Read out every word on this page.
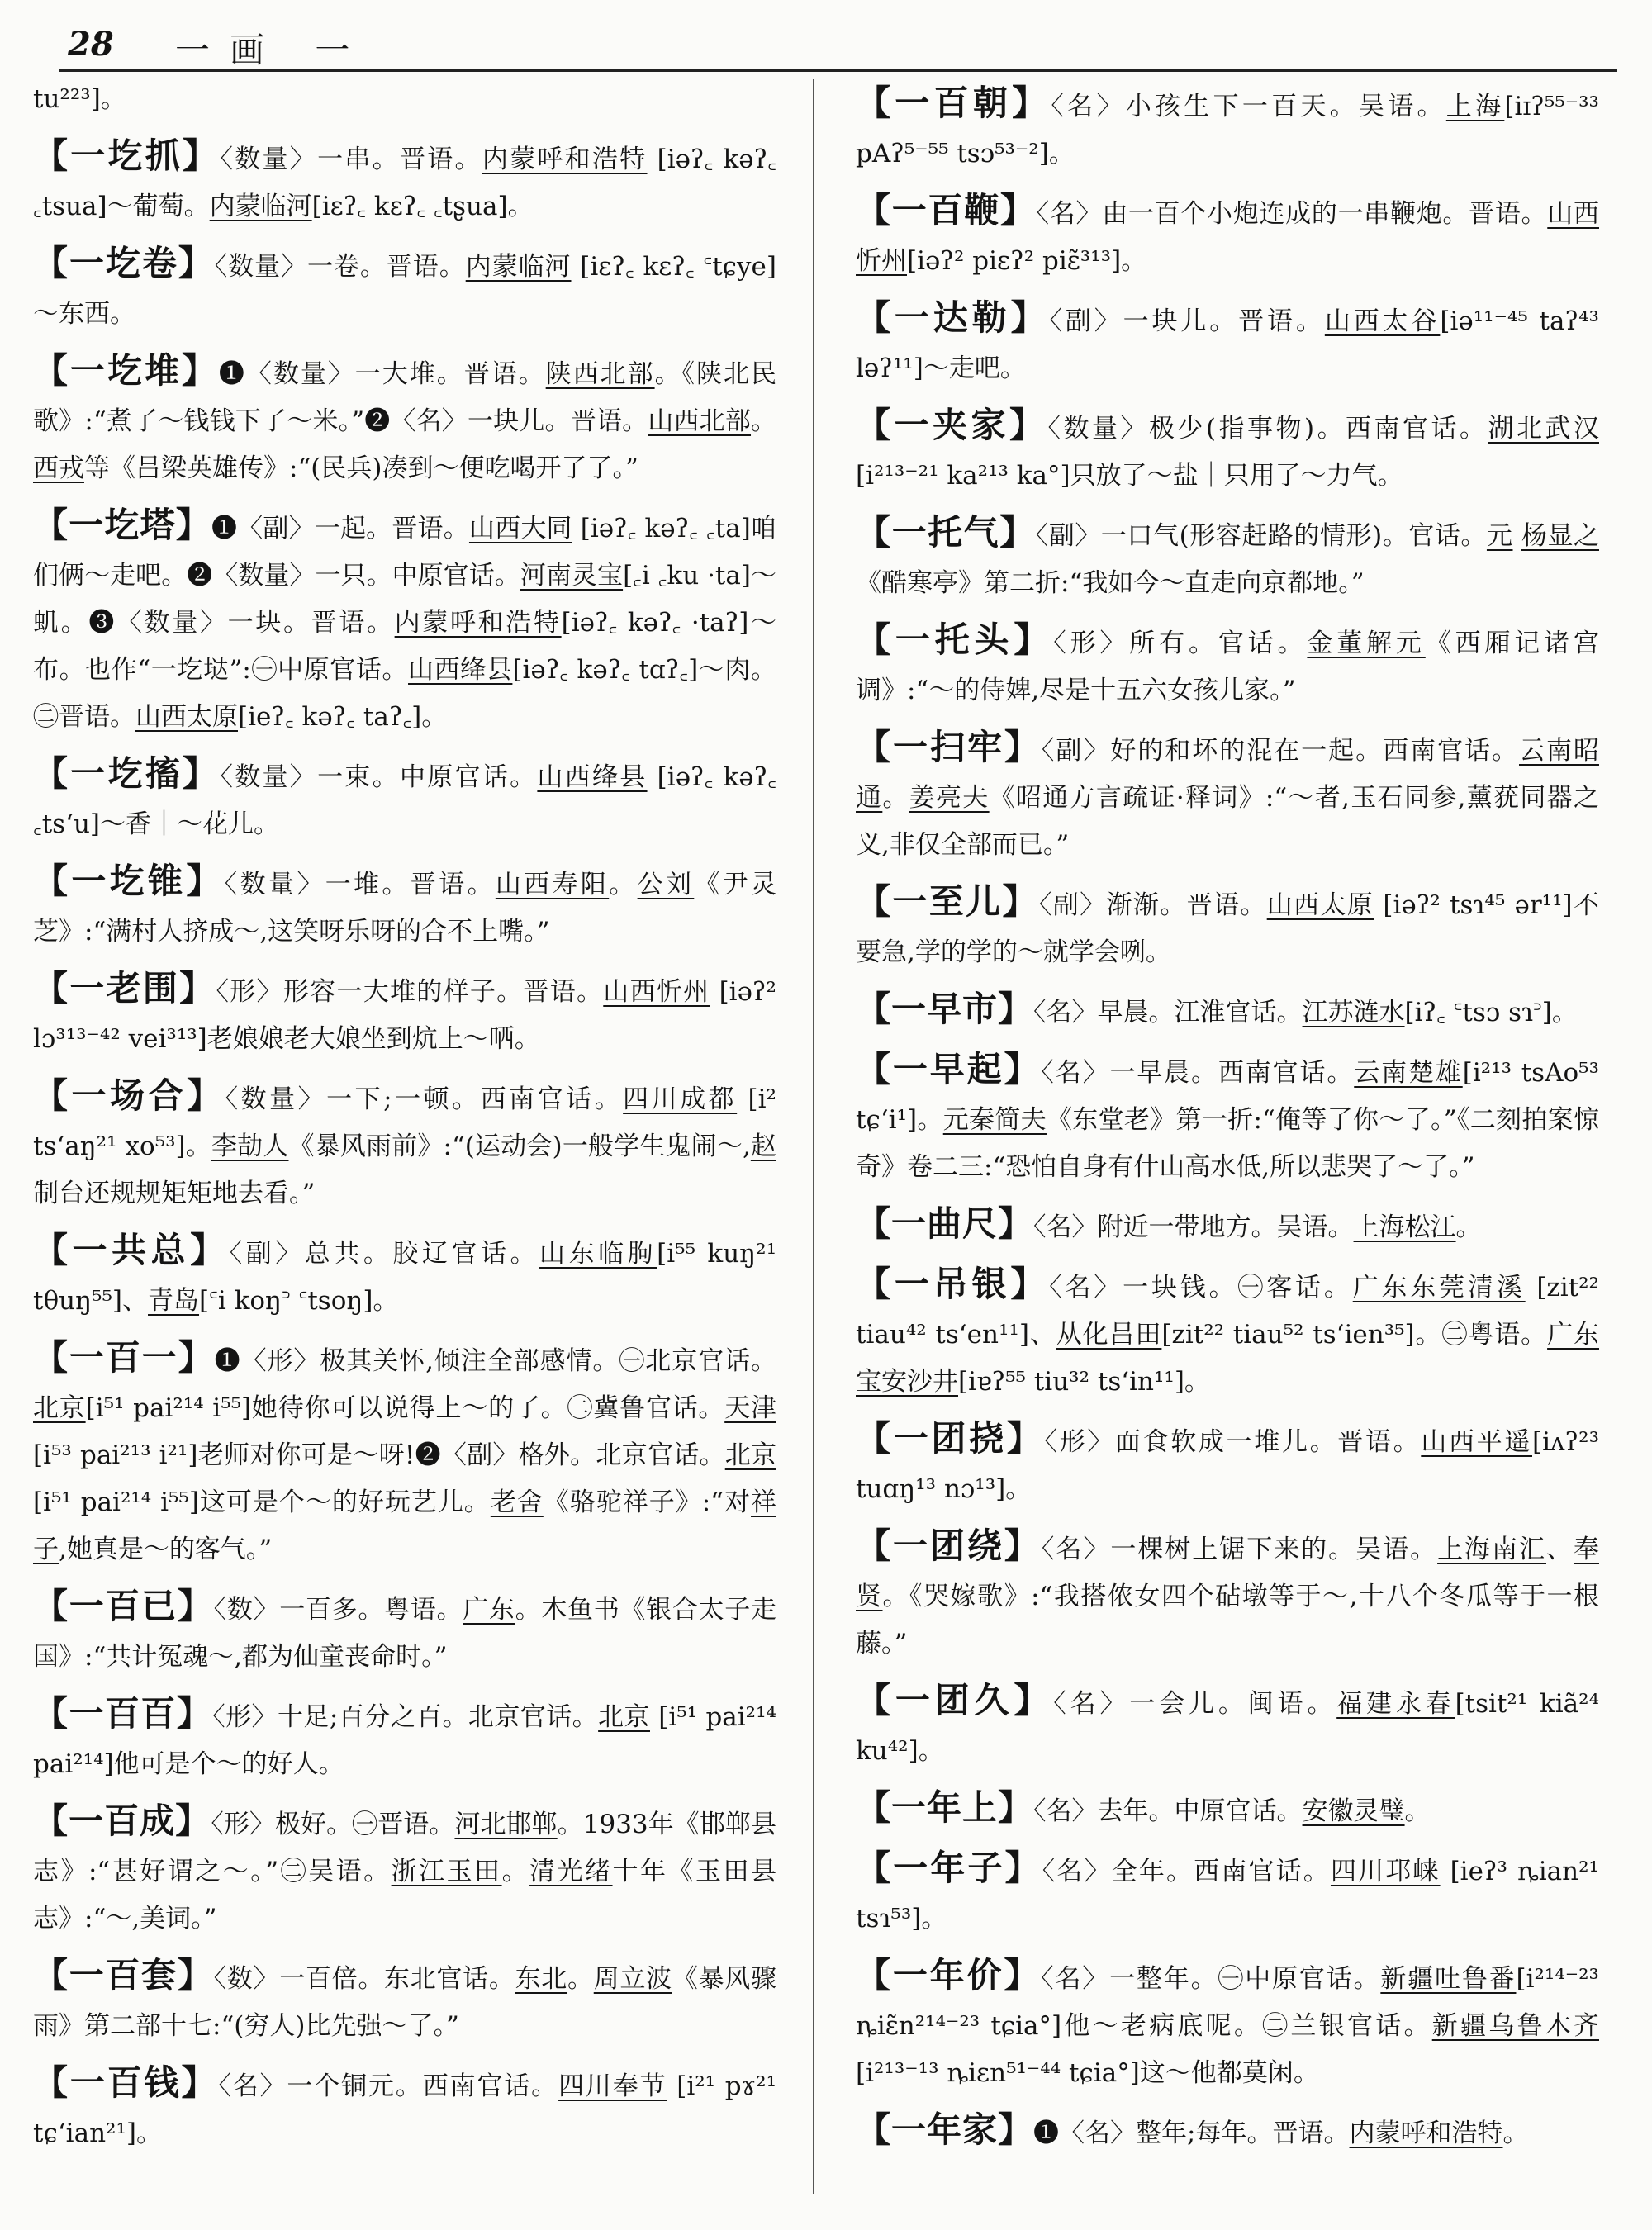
28 一画 一

tu²²³]。

【一圪抓】〈数量〉一串。晋语。内蒙呼和浩特 [iəʔ꜀ kəʔ꜀ ꜀tsua]～葡萄。内蒙临河[iɛʔ꜀ kɛʔ꜀ ꜀tʂua]。

【一圪卷】〈数量〉一卷。晋语。内蒙临河 [iɛʔ꜀ kɛʔ꜀ ꜂tɕye]～东西。

【一圪堆】❶〈数量〉一大堆。晋语。陕西北部。《陕北民歌》:“煮了～钱钱下了～米。”❷〈名〉一块儿。晋语。山西北部。西戎等《吕梁英雄传》:“(民兵)凑到～便吃喝开了了。”

【一圪塔】❶〈副〉一起。晋语。山西大同 [iəʔ꜀ kəʔ꜀ ꜀ta]咱们俩～走吧。❷〈数量〉一只。中原官话。河南灵宝[꜀i ꜀ku ·ta]～虮。❸〈数量〉一块。晋语。内蒙呼和浩特[iəʔ꜀ kəʔ꜀ ·taʔ]～布。也作“一圪垯”:㊀中原官话。山西绛县[iəʔ꜀ kəʔ꜀ tɑʔ꜀]～肉。㊁晋语。山西太原[ieʔ꜀ kəʔ꜀ taʔ꜀]。

【一圪搐】〈数量〉一束。中原官话。山西绛县 [iəʔ꜀ kəʔ꜀ ꜀tsʻu]～香｜～花儿。

【一圪锥】〈数量〉一堆。晋语。山西寿阳。公刘《尹灵芝》:“满村人挤成～,这笑呀乐呀的合不上嘴。”

【一老围】〈形〉形容一大堆的样子。晋语。山西忻州 [iəʔ² lɔ³¹³⁻⁴² vei³¹³]老娘娘老大娘坐到炕上～哂。

【一场合】〈数量〉一下;一顿。西南官话。四川成都 [i² tsʻaŋ²¹ xo⁵³]。李劼人《暴风雨前》:“(运动会)一般学生鬼闹～,赵制台还规规矩矩地去看。”

【一共总】〈副〉总共。胶辽官话。山东临朐[i⁵⁵ kuŋ²¹ tθuŋ⁵⁵]、青岛[꜂i koŋ꜄ ꜂tsoŋ]。

【一百一】❶〈形〉极其关怀,倾注全部感情。㊀北京官话。北京[i⁵¹ pai²¹⁴ i⁵⁵]她待你可以说得上～的了。㊁冀鲁官话。天津[i⁵³ pai²¹³ i²¹]老师对你可是～呀!❷〈副〉格外。北京官话。北京[i⁵¹ pai²¹⁴ i⁵⁵]这可是个～的好玩艺儿。老舍《骆驼祥子》:“对祥子,她真是～的客气。”

【一百已】〈数〉一百多。粤语。广东。木鱼书《银合太子走国》:“共计冤魂～,都为仙童丧命时。”

【一百百】〈形〉十足;百分之百。北京官话。北京 [i⁵¹ pai²¹⁴ pai²¹⁴]他可是个～的好人。

【一百成】〈形〉极好。㊀晋语。河北邯郸。1933年《邯郸县志》:“甚好谓之～。”㊁吴语。浙江玉田。清光绪十年《玉田县志》:“～,美词。”

【一百套】〈数〉一百倍。东北官话。东北。周立波《暴风骤雨》第二部十七:“(穷人)比先强～了。”

【一百钱】〈名〉一个铜元。西南官话。四川奉节 [i²¹ pɤ²¹ tɕʻian²¹]。

【一百朝】〈名〉小孩生下一百天。吴语。上海[iɪʔ⁵⁵⁻³³ pAʔ⁵⁻⁵⁵ tsɔ⁵³⁻²]。

【一百鞭】〈名〉由一百个小炮连成的一串鞭炮。晋语。山西忻州[iəʔ² piɛʔ² piɛ̃³¹³]。

【一达勒】〈副〉一块儿。晋语。山西太谷[iə¹¹⁻⁴⁵ taʔ⁴³ ləʔ¹¹]～走吧。

【一夹家】〈数量〉极少(指事物)。西南官话。湖北武汉[i²¹³⁻²¹ ka²¹³ ka°]只放了～盐｜只用了～力气。

【一托气】〈副〉一口气(形容赶路的情形)。官话。元 杨显之《酷寒亭》第二折:“我如今～直走向京都地。”

【一托头】〈形〉所有。官话。金董解元《西厢记诸宫调》:“～的侍婢,尽是十五六女孩儿家。”

【一扫牢】〈副〉好的和坏的混在一起。西南官话。云南昭通。姜亮夫《昭通方言疏证·释词》:“～者,玉石同参,薰莸同器之义,非仅全部而已。”

【一至儿】〈副〉渐渐。晋语。山西太原 [iəʔ² tsɿ⁴⁵ ər¹¹]不要急,学的学的～就学会咧。

【一早市】〈名〉早晨。江淮官话。江苏涟水[iʔ꜀ ꜂tsɔ sɿ꜄]。

【一早起】〈名〉一早晨。西南官话。云南楚雄[i²¹³ tsAo⁵³ tɕʻi¹]。元秦简夫《东堂老》第一折:“俺等了你～了。”《二刻拍案惊奇》卷二三:“恐怕自身有什山高水低,所以悲哭了～了。”

【一曲尺】〈名〉附近一带地方。吴语。上海松江。

【一吊银】〈名〉一块钱。㊀客话。广东东莞清溪 [zit²² tiau⁴² tsʻen¹¹]、从化吕田[zit²² tiau⁵² tsʻien³⁵]。㊁粤语。广东宝安沙井[iɐʔ⁵⁵ tiu³² tsʻin¹¹]。

【一团挠】〈形〉面食软成一堆儿。晋语。山西平遥[iʌʔ²³ tuɑŋ¹³ nɔ¹³]。

【一团绕】〈名〉一棵树上锯下来的。吴语。上海南汇、奉贤。《哭嫁歌》:“我搭侬女四个砧墩等于～,十八个冬瓜等于一根藤。”

【一团久】〈名〉一会儿。闽语。福建永春[tsit²¹ kiã²⁴ ku⁴²]。

【一年上】〈名〉去年。中原官话。安徽灵璧。

【一年子】〈名〉全年。西南官话。四川邛崃 [ieʔ³ ȵian²¹ tsɿ⁵³]。

【一年价】〈名〉一整年。㊀中原官话。新疆吐鲁番[i²¹⁴⁻²³ ȵiɛ̃n²¹⁴⁻²³ tɕia°]他～老病底呢。㊁兰银官话。新疆乌鲁木齐[i²¹³⁻¹³ ȵiɛn⁵¹⁻⁴⁴ tɕia°]这～他都莫闲。

【一年家】❶〈名〉整年;每年。晋语。内蒙呼和浩特。
